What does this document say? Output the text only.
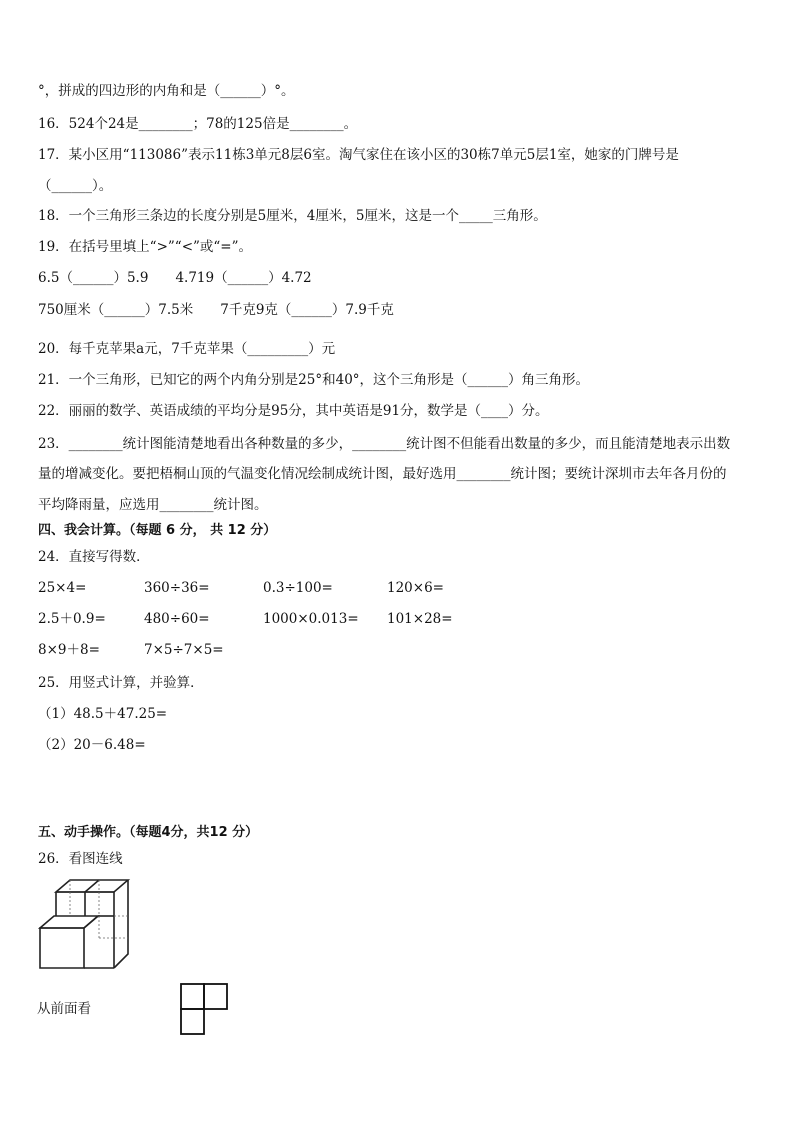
°，拼成的四边形的内角和是（______）°。
16．524个24是________；78的125倍是________。
17．某小区用“113086”表示11栋3单元8层6室。淘气家住在该小区的30栋7单元5层1室，她家的门牌号是
（______）。
18．一个三角形三条边的长度分别是5厘米，4厘米，5厘米，这是一个_____三角形。
19．在括号里填上“>”“<”或“=”。
6.5（______）5.9　　4.719（______）4.72
750厘米（______）7.5米　　7千克9克（______）7.9千克
20．每千克苹果a元，7千克苹果（_________）元
21．一个三角形，已知它的两个内角分别是25°和40°，这个三角形是（______）角三角形。
22．丽丽的数学、英语成绩的平均分是95分，其中英语是91分，数学是（____）分。
23．________统计图能清楚地看出各种数量的多少，________统计图不但能看出数量的多少，而且能清楚地表示出数
量的增减变化。要把梧桐山顶的气温变化情况绘制成统计图，最好选用________统计图；要统计深圳市去年各月份的
平均降雨量，应选用________统计图。
四、我会计算。（每题 6 分， 共 12 分）
24．直接写得数．
25×4=	360÷36=	0.3÷100=	120×6=
2.5＋0.9=	480÷60=	1000×0.013= 101×28=
8×9＋8=	7×5÷7×5=
25．用竖式计算，并验算．
（1）48.5＋47.25=
（2）20－6.48=
五、动手操作。（每题4分，共12 分）
26．看图连线
从前面看
